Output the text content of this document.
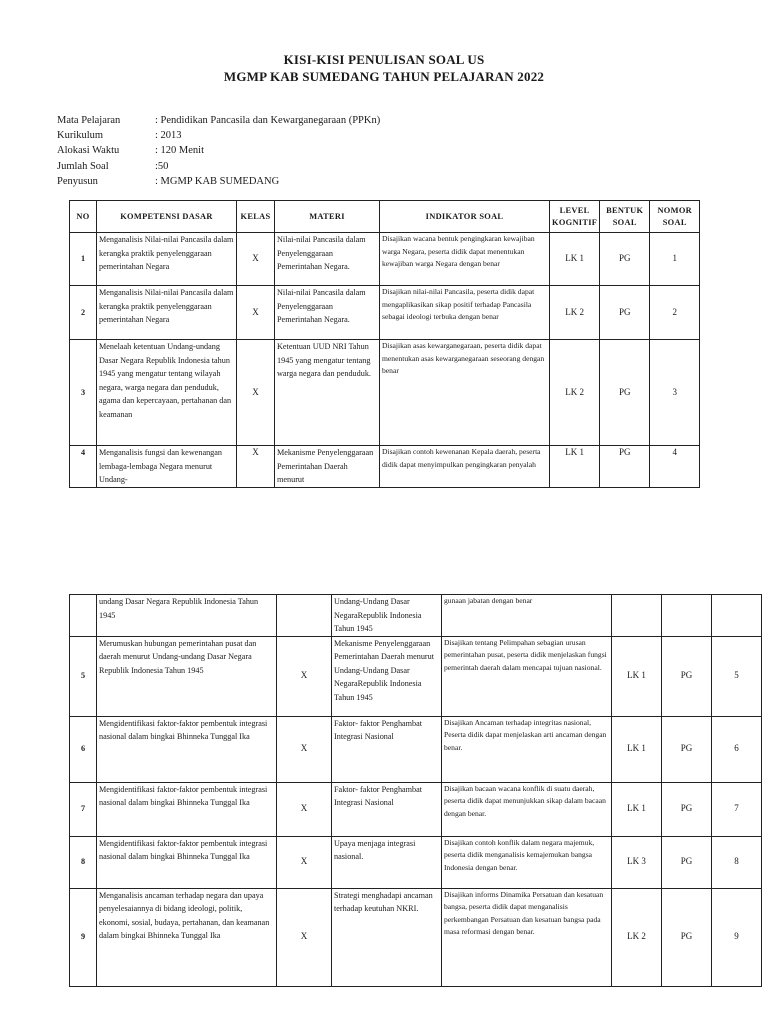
KISI-KISI PENULISAN SOAL US
MGMP KAB SUMEDANG TAHUN PELAJARAN 2022
Mata Pelajaran	: Pendidikan Pancasila dan Kewarganegaraan (PPKn)
Kurikulum	: 2013
Alokasi Waktu	: 120 Menit
Jumlah Soal	:50
Penyusun	: MGMP KAB SUMEDANG
NO	KOMPETENSI DASAR	KELAS	MATERI	INDIKATOR SOAL	LEVEL KOGNITIF	BENTUK SOAL	NOMOR SOAL
1	Menganalisis Nilai-nilai Pancasila dalam kerangka praktik penyelenggaraan pemerintahan Negara	X	Nilai-nilai Pancasila dalam Penyelenggaraan Pemerintahan Negara.	Disajikan wacana bentuk pengingkaran kewajiban warga Negara, peserta didik dapat menentukan kewajiban warga Negara dengan benar	LK 1	PG	1
2	Menganalisis Nilai-nilai Pancasila dalam kerangka praktik penyelenggaraan pemerintahan Negara	X	Nilai-nilai Pancasila dalam Penyelenggaraan Pemerintahan Negara.	Disajikan nilai-nilai Pancasila, peserta didik dapat mengaplikasikan sikap positif terhadap Pancasila sebagai ideologi terbuka dengan benar	LK 2	PG	2
3	Menelaah ketentuan Undang-undang Dasar Negara Republik Indonesia tahun 1945 yang mengatur tentang wilayah negara, warga negara dan penduduk, agama dan kepercayaan, pertahanan dan keamanan	X	Ketentuan UUD NRI Tahun 1945 yang mengatur tentang warga negara dan penduduk.	Disajikan asas kewarganegaraan, peserta didik dapat menentukan asas kewarganegaraan seseorang dengan benar	LK 2	PG	3
4	Menganalisis fungsi dan kewenangan lembaga-lembaga Negara menurut Undang-	X	Mekanisme Penyelenggaraan Pemerintahan Daerah menurut	Disajikan contoh kewenanan Kepala daerah, peserta didik dapat menyimpulkan pengingkaran penyalah	LK 1	PG	4
	undang Dasar Negara Republik Indonesia Tahun 1945		Undang-Undang Dasar NegaraRepublik Indonesia Tahun 1945	gunaan jabatan dengan benar			
5	Merumuskan hubungan pemerintahan pusat dan daerah menurut Undang-undang Dasar Negara Republik Indonesia Tahun 1945	X	Mekanisme Penyelenggaraan Pemerintahan Daerah menurut Undang-Undang Dasar NegaraRepublik Indonesia Tahun 1945	Disajikan tentang Pelimpahan sebagian urusan pemerintahan pusat, peserta didik menjelaskan fungsi pemerintah daerah dalam mencapai tujuan nasional.	LK 1	PG	5
6	Mengidentifikasi faktor-faktor pembentuk integrasi nasional dalam bingkai Bhinneka Tunggal Ika	X	Faktor- faktor Penghambat Integrasi Nasional	Disajikan Ancaman terhadap integritas nasional, Peserta didik dapat menjelaskan arti ancaman dengan benar.	LK 1	PG	6
7	Mengidentifikasi faktor-faktor pembentuk integrasi nasional dalam bingkai Bhinneka Tunggal Ika	X	Faktor- faktor Penghambat Integrasi Nasional	Disajikan bacaan wacana konflik di suatu daerah, peserta didik dapat menunjukkan sikap dalam bacaan dengan benar.	LK 1	PG	7
8	Mengidentifikasi faktor-faktor pembentuk integrasi nasional dalam bingkai Bhinneka Tunggal Ika	X	Upaya menjaga integrasi nasional.	Disajikan contoh konflik dalam negara majemuk, peserta didik menganalisis kemajemukan bangsa Indonesia dengan benar.	LK 3	PG	8
9	Menganalisis ancaman terhadap negara dan upaya penyelesaiannya di bidang ideologi, politik, ekonomi, sosial, budaya, pertahanan, dan keamanan dalam bingkai Bhinneka Tunggal Ika	X	Strategi menghadapi ancaman terhadap keutuhan NKRI.	Disajikan informs Dinamika Persatuan dan kesatuan bangsa, peserta didik dapat menganalisis perkembangan Persatuan dan kesatuan bangsa pada masa reformasi dengan benar.	LK 2	PG	9
